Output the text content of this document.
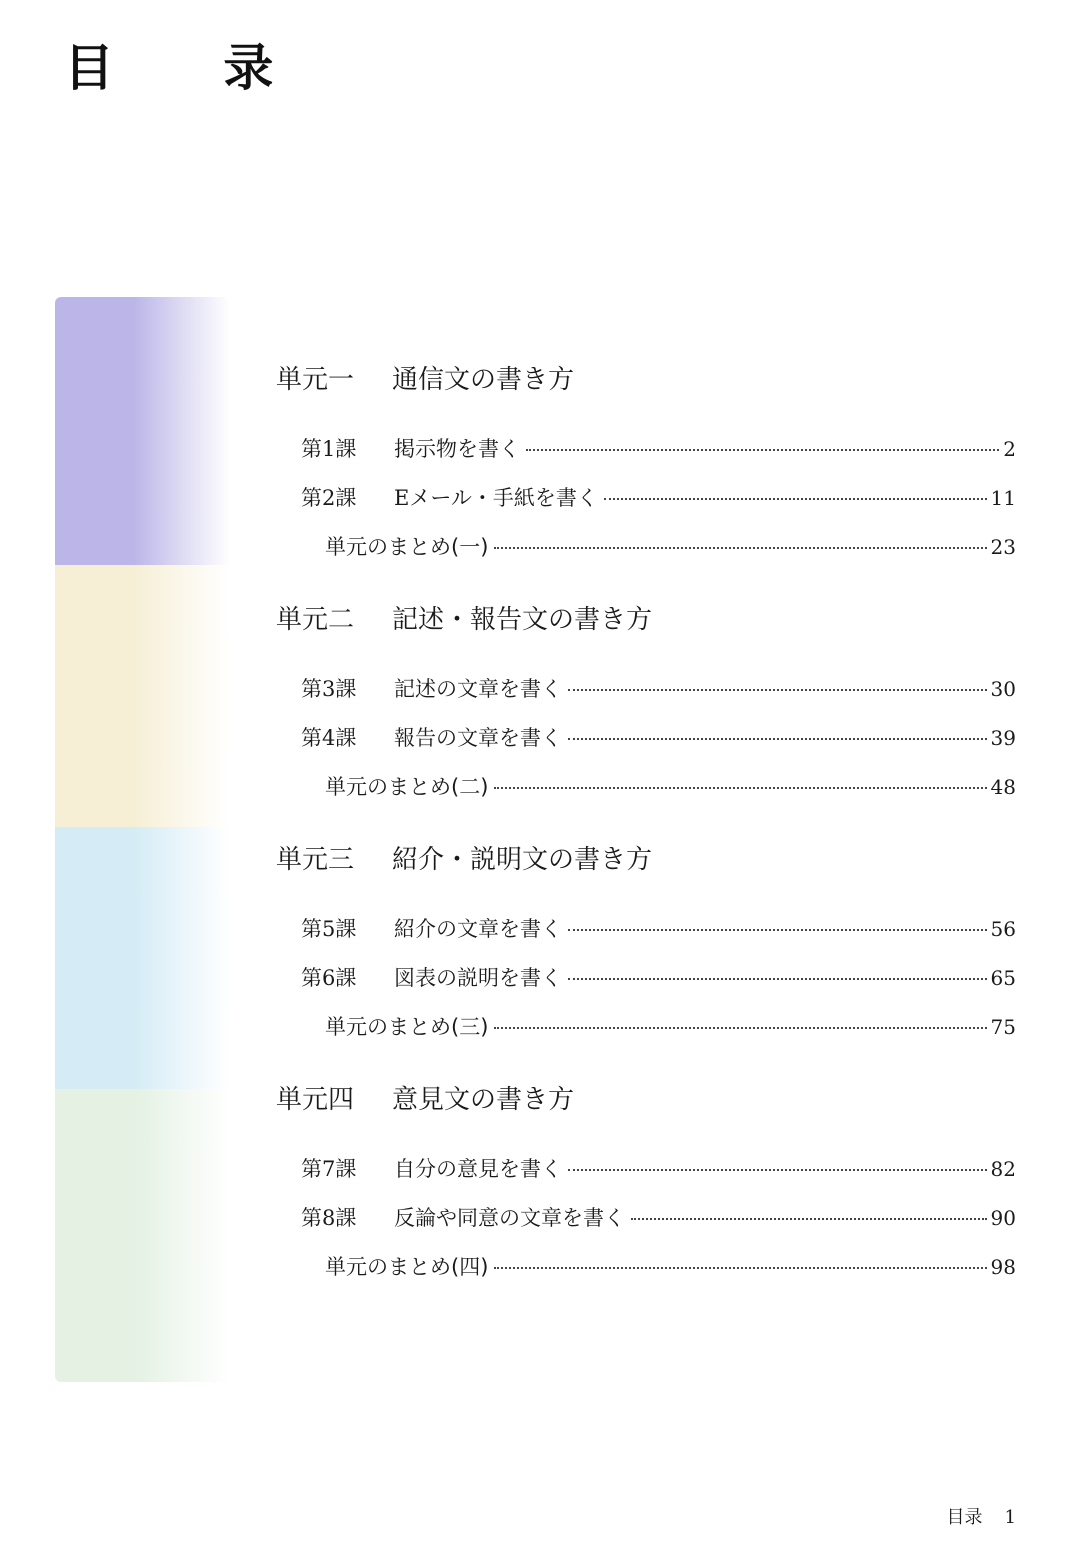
目 录
単元一 通信文の書き方
第1課	掲示物を書く	2
第2課	Eメール・手紙を書く	11
単元のまとめ(一)	23
単元二 記述・報告文の書き方
第3課	記述の文章を書く	30
第4課	報告の文章を書く	39
単元のまとめ(二)	48
単元三 紹介・説明文の書き方
第5課	紹介の文章を書く	56
第6課	図表の説明を書く	65
単元のまとめ(三)	75
単元四 意見文の書き方
第7課	自分の意見を書く	82
第8課	反論や同意の文章を書く	90
単元のまとめ(四)	98
目录 1
